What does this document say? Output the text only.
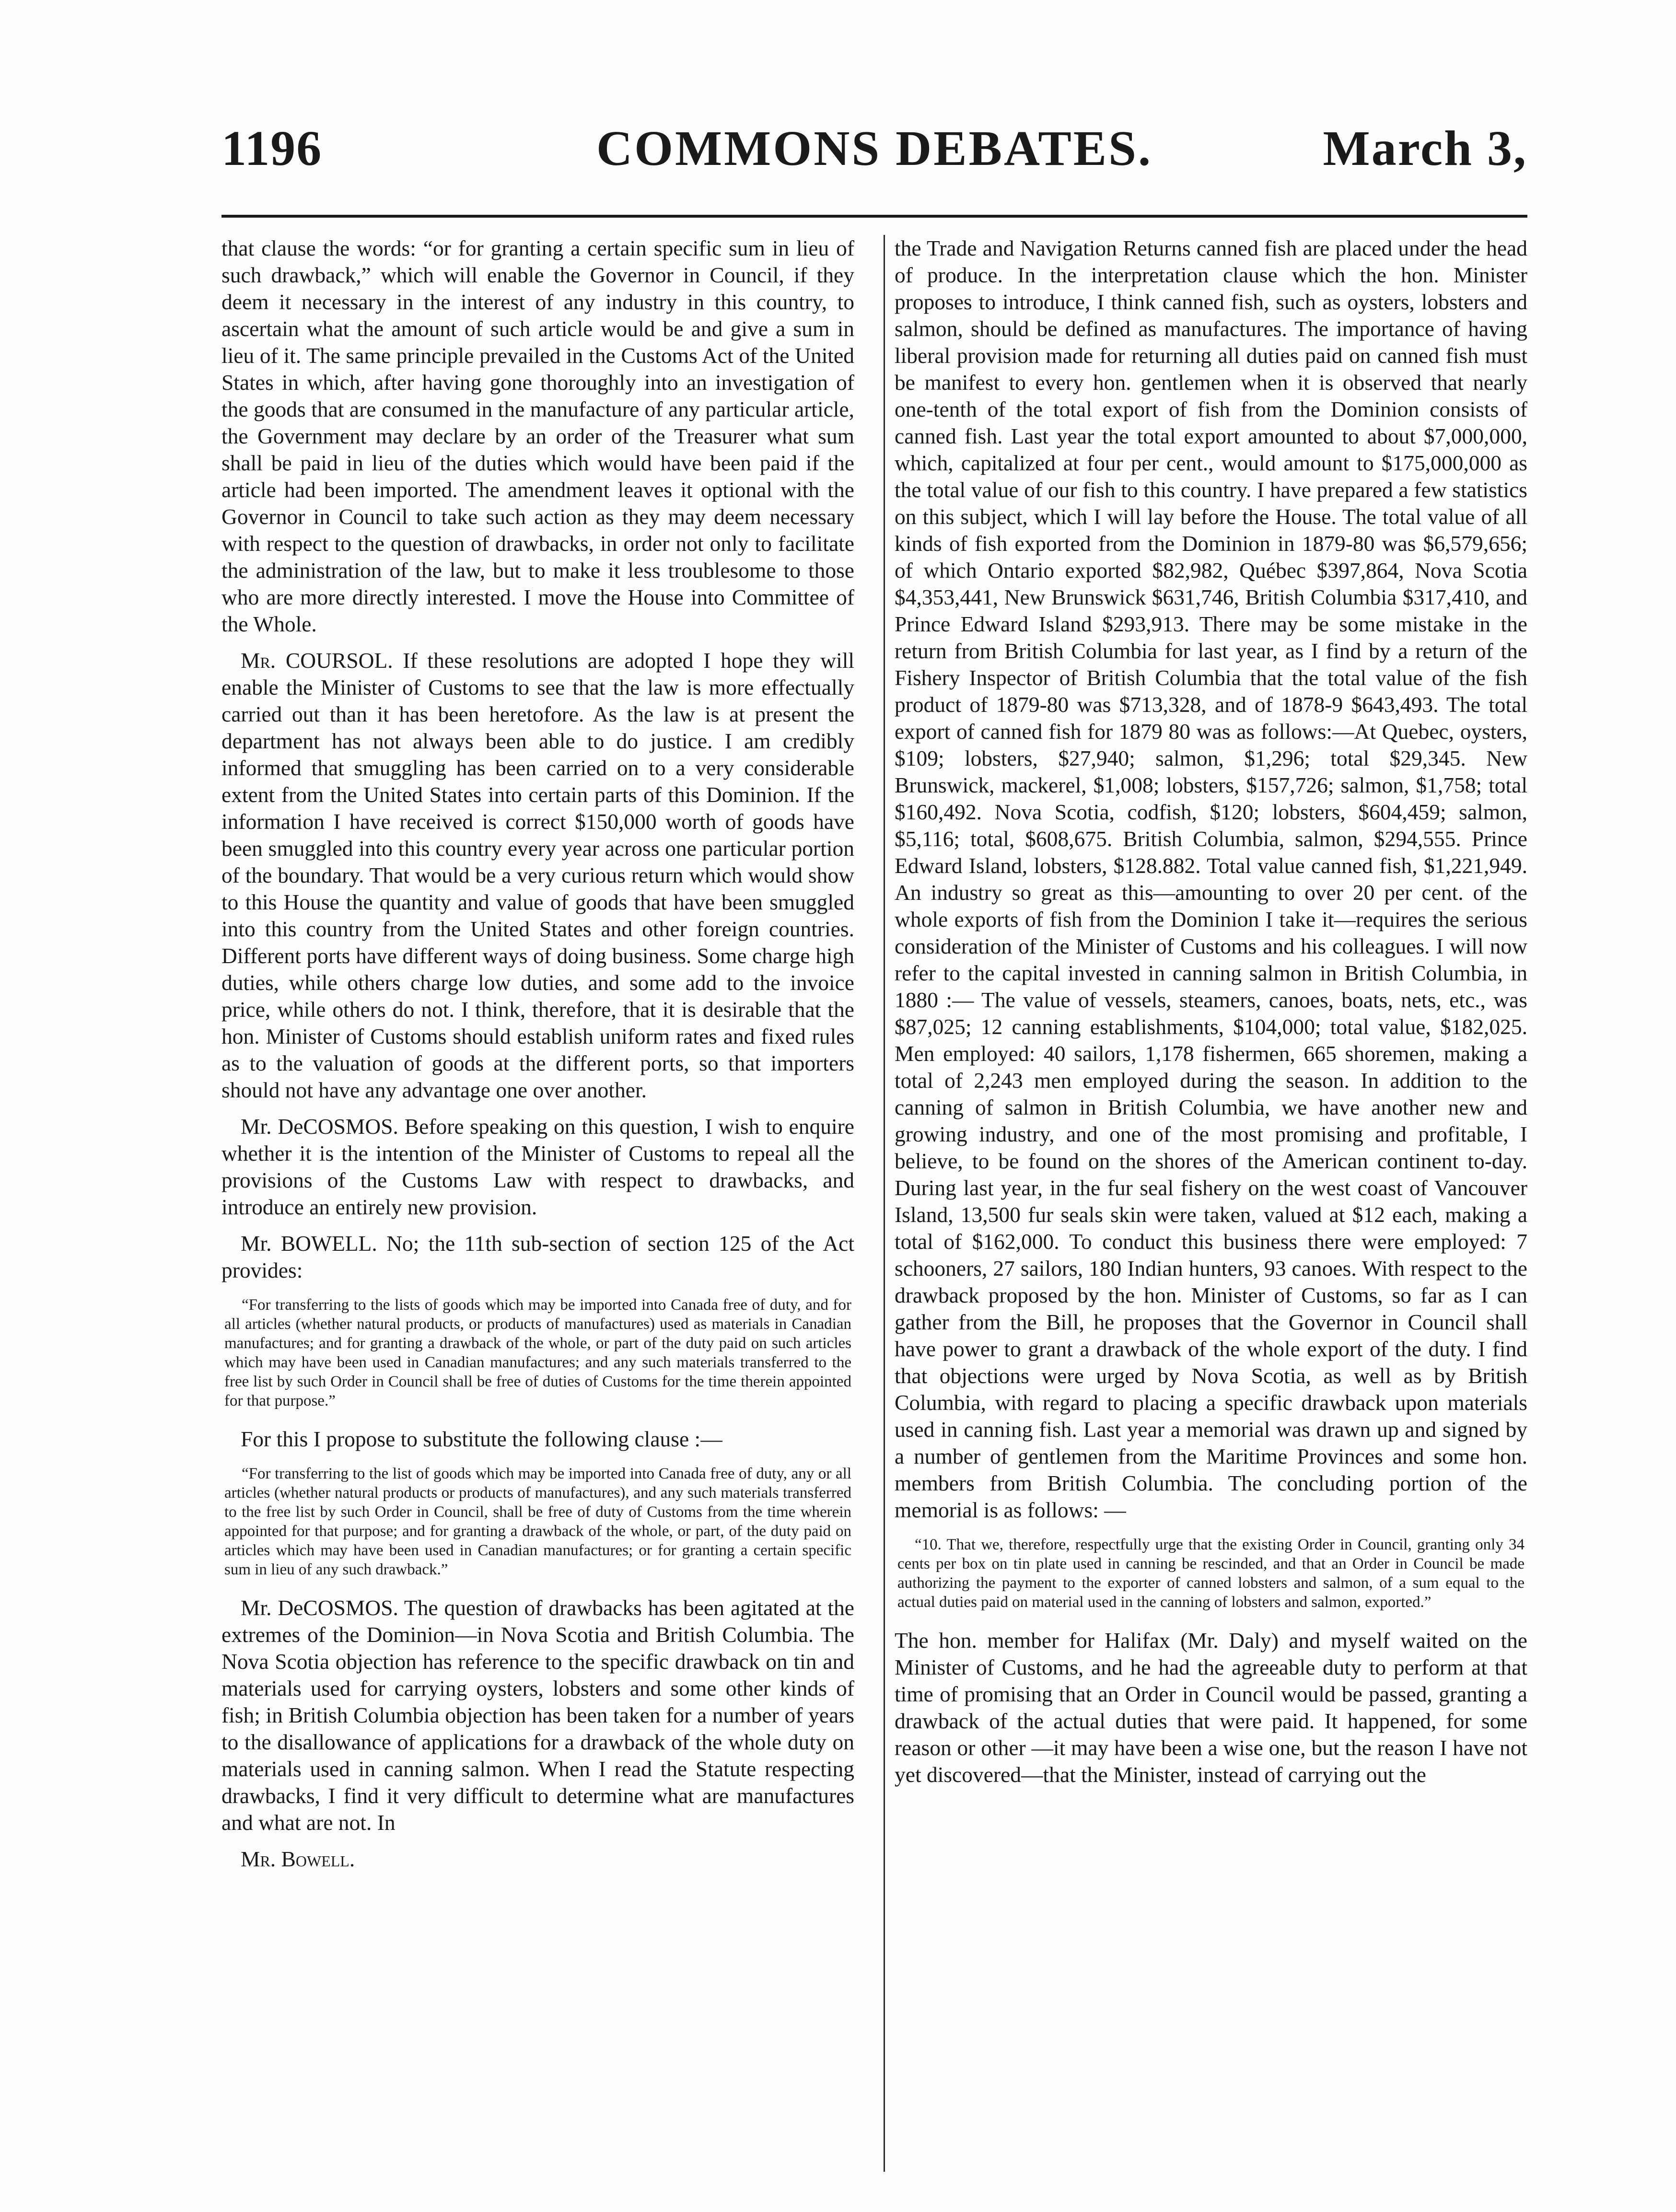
1196	COMMONS DEBATES.	March 3,

that clause the words: “or for granting a certain specific sum in lieu of such drawback,” which will enable the Governor in Council, if they deem it necessary in the interest of any industry in this country, to ascertain what the amount of such article would be and give a sum in lieu of it. The same principle prevailed in the Customs Act of the United States in which, after having gone thoroughly into an investigation of the goods that are consumed in the manufacture of any particular article, the Government may declare by an order of the Treasurer what sum shall be paid in lieu of the duties which would have been paid if the article had been imported. The amendment leaves it optional with the Governor in Council to take such action as they may deem necessary with respect to the question of drawbacks, in order not only to facilitate the administration of the law, but to make it less troublesome to those who are more directly interested. I move the House into Committee of the Whole.

Mr. COURSOL. If these resolutions are adopted I hope they will enable the Minister of Customs to see that the law is more effectually carried out than it has been heretofore. As the law is at present the department has not always been able to do justice. I am credibly informed that smuggling has been carried on to a very considerable extent from the United States into certain parts of this Dominion. If the information I have received is correct $150,000 worth of goods have been smuggled into this country every year across one particular portion of the boundary. That would be a very curious return which would show to this House the quantity and value of goods that have been smuggled into this country from the United States and other foreign countries. Different ports have different ways of doing business. Some charge high duties, while others charge low duties, and some add to the invoice price, while others do not. I think, therefore, that it is desirable that the hon. Minister of Customs should establish uniform rates and fixed rules as to the valuation of goods at the different ports, so that importers should not have any advantage one over another.

Mr. DeCOSMOS. Before speaking on this question, I wish to enquire whether it is the intention of the Minister of Customs to repeal all the provisions of the Customs Law with respect to drawbacks, and introduce an entirely new provision.

Mr. BOWELL. No; the 11th sub-section of section 125 of the Act provides:

“For transferring to the lists of goods which may be imported into Canada free of duty, and for all articles (whether natural products, or products of manufactures) used as materials in Canadian manufactures; and for granting a drawback of the whole, or part of the duty paid on such articles which may have been used in Canadian manufactures; and any such materials transferred to the free list by such Order in Council shall be free of duties of Customs for the time therein appointed for that purpose.”

For this I propose to substitute the following clause :—

“For transferring to the list of goods which may be imported into Canada free of duty, any or all articles (whether natural products or products of manufactures), and any such materials transferred to the free list by such Order in Council, shall be free of duty of Customs from the time wherein appointed for that purpose; and for granting a drawback of the whole, or part, of the duty paid on articles which may have been used in Canadian manufactures; or for granting a certain specific sum in lieu of any such drawback.”

Mr. DeCOSMOS. The question of drawbacks has been agitated at the extremes of the Dominion—in Nova Scotia and British Columbia. The Nova Scotia objection has reference to the specific drawback on tin and materials used for carrying oysters, lobsters and some other kinds of fish; in British Columbia objection has been taken for a number of years to the disallowance of applications for a drawback of the whole duty on materials used in canning salmon. When I read the Statute respecting drawbacks, I find it very difficult to determine what are manufactures and what are not. In

Mr. Bowell.

the Trade and Navigation Returns canned fish are placed under the head of produce. In the interpretation clause which the hon. Minister proposes to introduce, I think canned fish, such as oysters, lobsters and salmon, should be defined as manufactures. The importance of having liberal provision made for returning all duties paid on canned fish must be manifest to every hon. gentlemen when it is observed that nearly one-tenth of the total export of fish from the Dominion consists of canned fish. Last year the total export amounted to about $7,000,000, which, capitalized at four per cent., would amount to $175,000,000 as the total value of our fish to this country. I have prepared a few statistics on this subject, which I will lay before the House. The total value of all kinds of fish exported from the Dominion in 1879-80 was $6,579,656; of which Ontario exported $82,982, Québec $397,864, Nova Scotia $4,353,441, New Brunswick $631,746, British Columbia $317,410, and Prince Edward Island $293,913. There may be some mistake in the return from British Columbia for last year, as I find by a return of the Fishery Inspector of British Columbia that the total value of the fish product of 1879-80 was $713,328, and of 1878-9 $643,493. The total export of canned fish for 1879 80 was as follows:—At Quebec, oysters, $109; lobsters, $27,940; salmon, $1,296; total $29,345. New Brunswick, mackerel, $1,008; lobsters, $157,726; salmon, $1,758; total $160,492. Nova Scotia, codfish, $120; lobsters, $604,459; salmon, $5,116; total, $608,675. British Columbia, salmon, $294,555. Prince Edward Island, lobsters, $128.882. Total value canned fish, $1,221,949. An industry so great as this—amounting to over 20 per cent. of the whole exports of fish from the Dominion I take it—requires the serious consideration of the Minister of Customs and his colleagues. I will now refer to the capital invested in canning salmon in British Columbia, in 1880 :— The value of vessels, steamers, canoes, boats, nets, etc., was $87,025; 12 canning establishments, $104,000; total value, $182,025. Men employed: 40 sailors, 1,178 fishermen, 665 shoremen, making a total of 2,243 men employed during the season. In addition to the canning of salmon in British Columbia, we have another new and growing industry, and one of the most promising and profitable, I believe, to be found on the shores of the American continent to-day. During last year, in the fur seal fishery on the west coast of Vancouver Island, 13,500 fur seals skin were taken, valued at $12 each, making a total of $162,000. To conduct this business there were employed: 7 schooners, 27 sailors, 180 Indian hunters, 93 canoes. With respect to the drawback proposed by the hon. Minister of Customs, so far as I can gather from the Bill, he proposes that the Governor in Council shall have power to grant a drawback of the whole export of the duty. I find that objections were urged by Nova Scotia, as well as by British Columbia, with regard to placing a specific drawback upon materials used in canning fish. Last year a memorial was drawn up and signed by a number of gentlemen from the Maritime Provinces and some hon. members from British Columbia. The concluding portion of the memorial is as follows: —

“10. That we, therefore, respectfully urge that the existing Order in Council, granting only 34 cents per box on tin plate used in canning be rescinded, and that an Order in Council be made authorizing the payment to the exporter of canned lobsters and salmon, of a sum equal to the actual duties paid on material used in the canning of lobsters and salmon, exported.”

The hon. member for Halifax (Mr. Daly) and myself waited on the Minister of Customs, and he had the agreeable duty to perform at that time of promising that an Order in Council would be passed, granting a drawback of the actual duties that were paid. It happened, for some reason or other —it may have been a wise one, but the reason I have not yet discovered—that the Minister, instead of carrying out the
